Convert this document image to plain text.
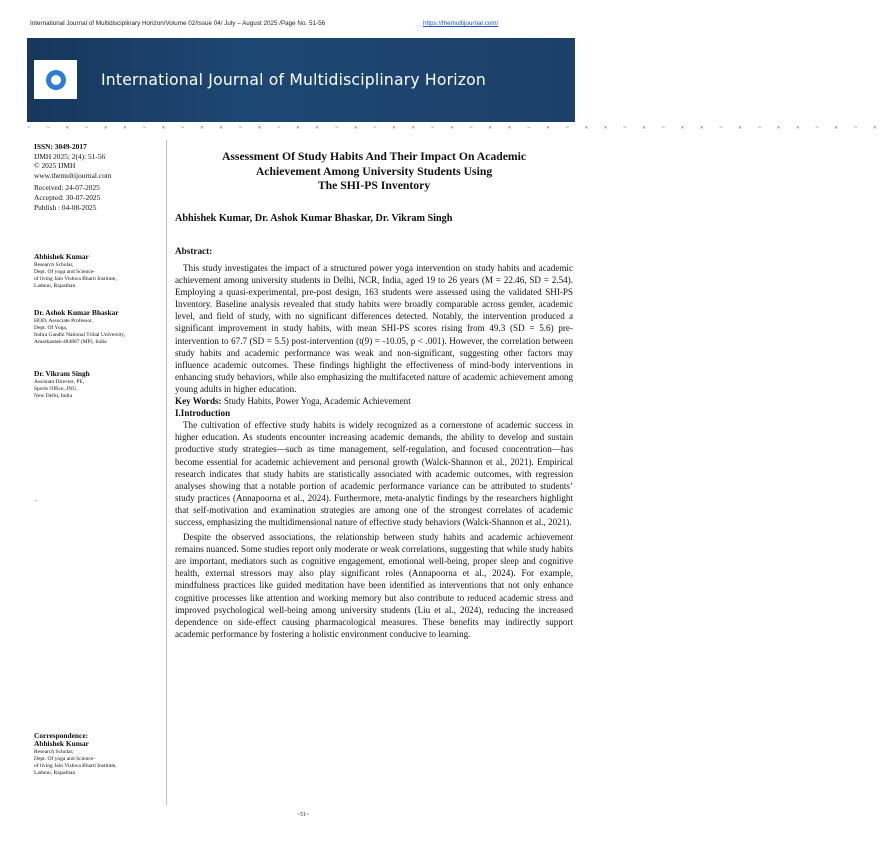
International Journal of Multidisciplinary Horizon/Volume 02/Issue 04/ July – August 2025 /Page No. 51-56	https://themultijournal.com/
International Journal of Multidisciplinary Horizon
~ ~ ✕ ~ ✕ ✕ ~ ✕ ~ ✕ ✕ ~ ✕ ~ ✕ ✕ ~ ✕ ~ ✕ ✕ ~ ✕ ~ ✕ ✕ ~ ✕ ~ ✕ ✕ ~ ✕ ~ ✕ ✕ ~ ✕ ~ ✕ ✕ ~ ✕ ~ ✕
ISSN: 3049-2017
IJMH 2025; 2(4): 51-56
© 2025 IJMH
www.themultijournal.com
Received: 24-07-2025
Accepted: 30-07-2025
Publish : 04-08-2025
Abhishek Kumar
Research Scholar,
Dept. Of yoga and Science-
of living Jain Vishwa Bharti Institute,
Ladnun, Rajasthan
Dr. Ashok Kumar Bhaskar
HOD, Associate Professor,
Dept. Of Yoga,
Indira Gandhi National Tribal University,
Amarkantak-484887 (MP), India
Dr. Vikram Singh
Assistant Director, PE,
Sports Office, JNU,
New Delhi, India
.
Correspondence:
Abhishek Kumar
Research Scholar,
Dept. Of yoga and Science-
of living Jain Vishwa Bharti Institute,
Ladnun, Rajasthan
Assessment Of Study Habits And Their Impact On Academic
Achievement Among University Students Using
The SHI-PS Inventory
Abhishek Kumar, Dr. Ashok Kumar Bhaskar, Dr. Vikram Singh
Abstract:

This study investigates the impact of a structured power yoga intervention on study habits and academic achievement among university students in Delhi, NCR, India, aged 19 to 26 years (M = 22.46, SD = 2.54). Employing a quasi-experimental, pre-post design, 163 students were assessed using the validated SHI-PS Inventory. Baseline analysis revealed that study habits were broadly comparable across gender, academic level, and field of study, with no significant differences detected. Notably, the intervention produced a significant improvement in study habits, with mean SHI-PS scores rising from 49.3 (SD = 5.6) pre-intervention to 67.7 (SD = 5.5) post-intervention (t(9) = -10.05, p < .001). However, the correlation between study habits and academic performance was weak and non-significant, suggesting other factors may influence academic outcomes. These findings highlight the effectiveness of mind-body interventions in enhancing study behaviors, while also emphasizing the multifaceted nature of academic achievement among young adults in higher education.

Key Words: Study Habits, Power Yoga, Academic Achievement

I.Introduction

The cultivation of effective study habits is widely recognized as a cornerstone of academic success in higher education. As students encounter increasing academic demands, the ability to develop and sustain productive study strategies—such as time management, self-regulation, and focused concentration—has become essential for academic achievement and personal growth (Walck-Shannon et al., 2021). Empirical research indicates that study habits are statistically associated with academic outcomes, with regression analyses showing that a notable portion of academic performance variance can be attributed to students’ study practices (Annapoorna et al., 2024). Furthermore, meta-analytic findings by the researchers highlight that self-motivation and examination strategies are among one of the strongest correlates of academic success, emphasizing the multidimensional nature of effective study behaviors (Walck-Shannon et al., 2021).

Despite the observed associations, the relationship between study habits and academic achievement remains nuanced. Some studies report only moderate or weak correlations, suggesting that while study habits are important, mediators such as cognitive engagement, emotional well-being, proper sleep and cognitive health, external stressors may also play significant roles (Annapoorna et al., 2024). For example, mindfulness practices like guided meditation have been identified as interventions that not only enhance cognitive processes like attention and working memory but also contribute to reduced academic stress and improved psychological well-being among university students (Liu et al., 2024), reducing the increased dependence on side-effect causing pharmacological measures. These benefits may indirectly support academic performance by fostering a holistic environment conducive to learning.

~51~
